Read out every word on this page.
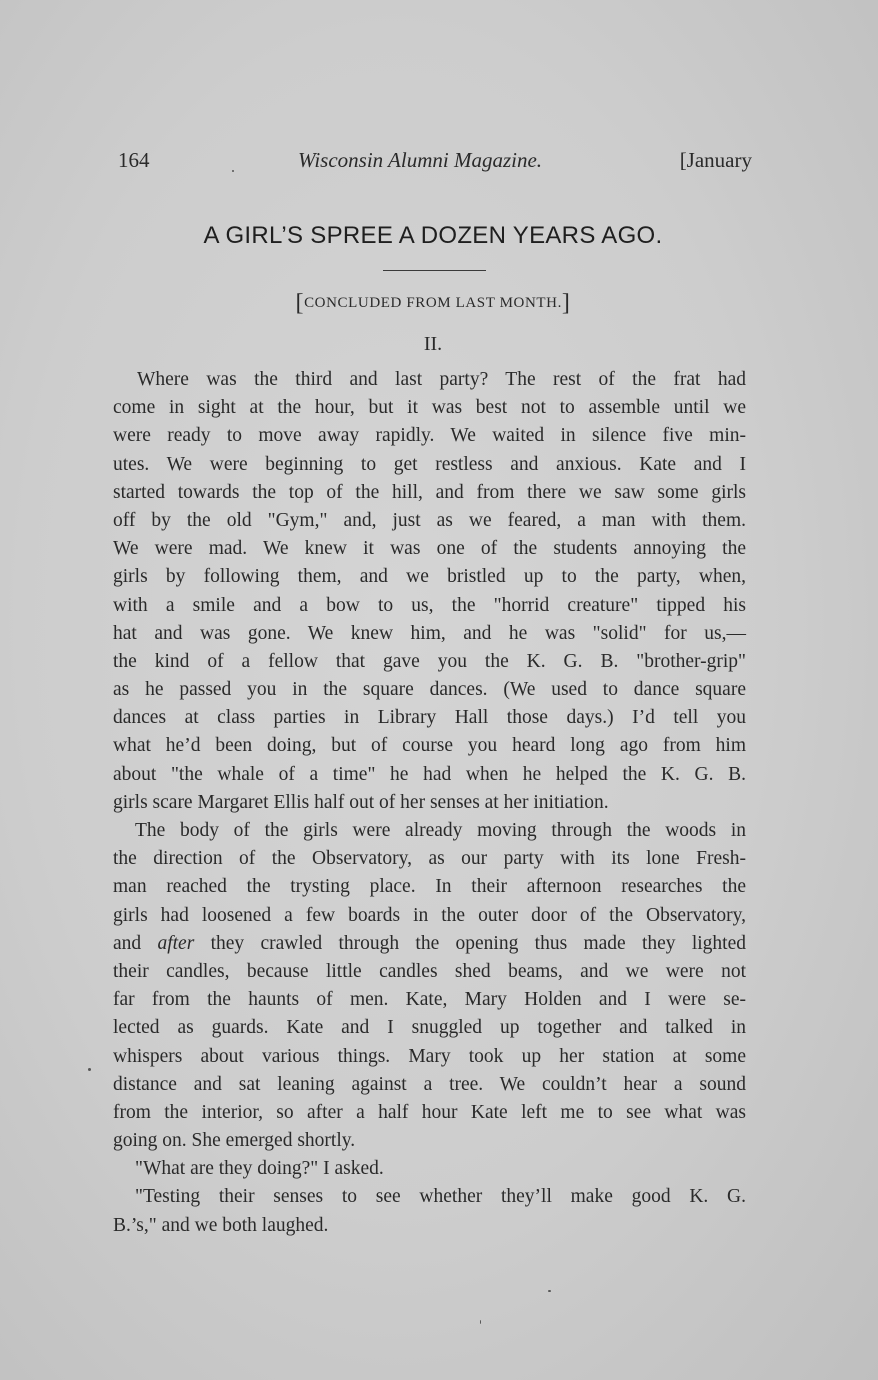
164	Wisconsin Alumni Magazine.	[January
A GIRL’S SPREE A DOZEN YEARS AGO.
[CONCLUDED FROM LAST MONTH.]
II.
Where was the third and last party? The rest of the frat had
come in sight at the hour, but it was best not to assemble until we
were ready to move away rapidly. We waited in silence five min-
utes. We were beginning to get restless and anxious. Kate and I
started towards the top of the hill, and from there we saw some girls
off by the old "Gym," and, just as we feared, a man with them.
We were mad. We knew it was one of the students annoying the
girls by following them, and we bristled up to the party, when,
with a smile and a bow to us, the "horrid creature" tipped his
hat and was gone. We knew him, and he was "solid" for us,—
the kind of a fellow that gave you the K. G. B. "brother-grip"
as he passed you in the square dances. (We used to dance square
dances at class parties in Library Hall those days.) I’d tell you
what he’d been doing, but of course you heard long ago from him
about "the whale of a time" he had when he helped the K. G. B.
girls scare Margaret Ellis half out of her senses at her initiation.
The body of the girls were already moving through the woods in
the direction of the Observatory, as our party with its lone Fresh-
man reached the trysting place. In their afternoon researches the
girls had loosened a few boards in the outer door of the Observatory,
and after they crawled through the opening thus made they lighted
their candles, because little candles shed beams, and we were not
far from the haunts of men. Kate, Mary Holden and I were se-
lected as guards. Kate and I snuggled up together and talked in
whispers about various things. Mary took up her station at some
distance and sat leaning against a tree. We couldn’t hear a sound
from the interior, so after a half hour Kate left me to see what was
going on. She emerged shortly.
"What are they doing?" I asked.
"Testing their senses to see whether they’ll make good K. G.
B.’s," and we both laughed.
